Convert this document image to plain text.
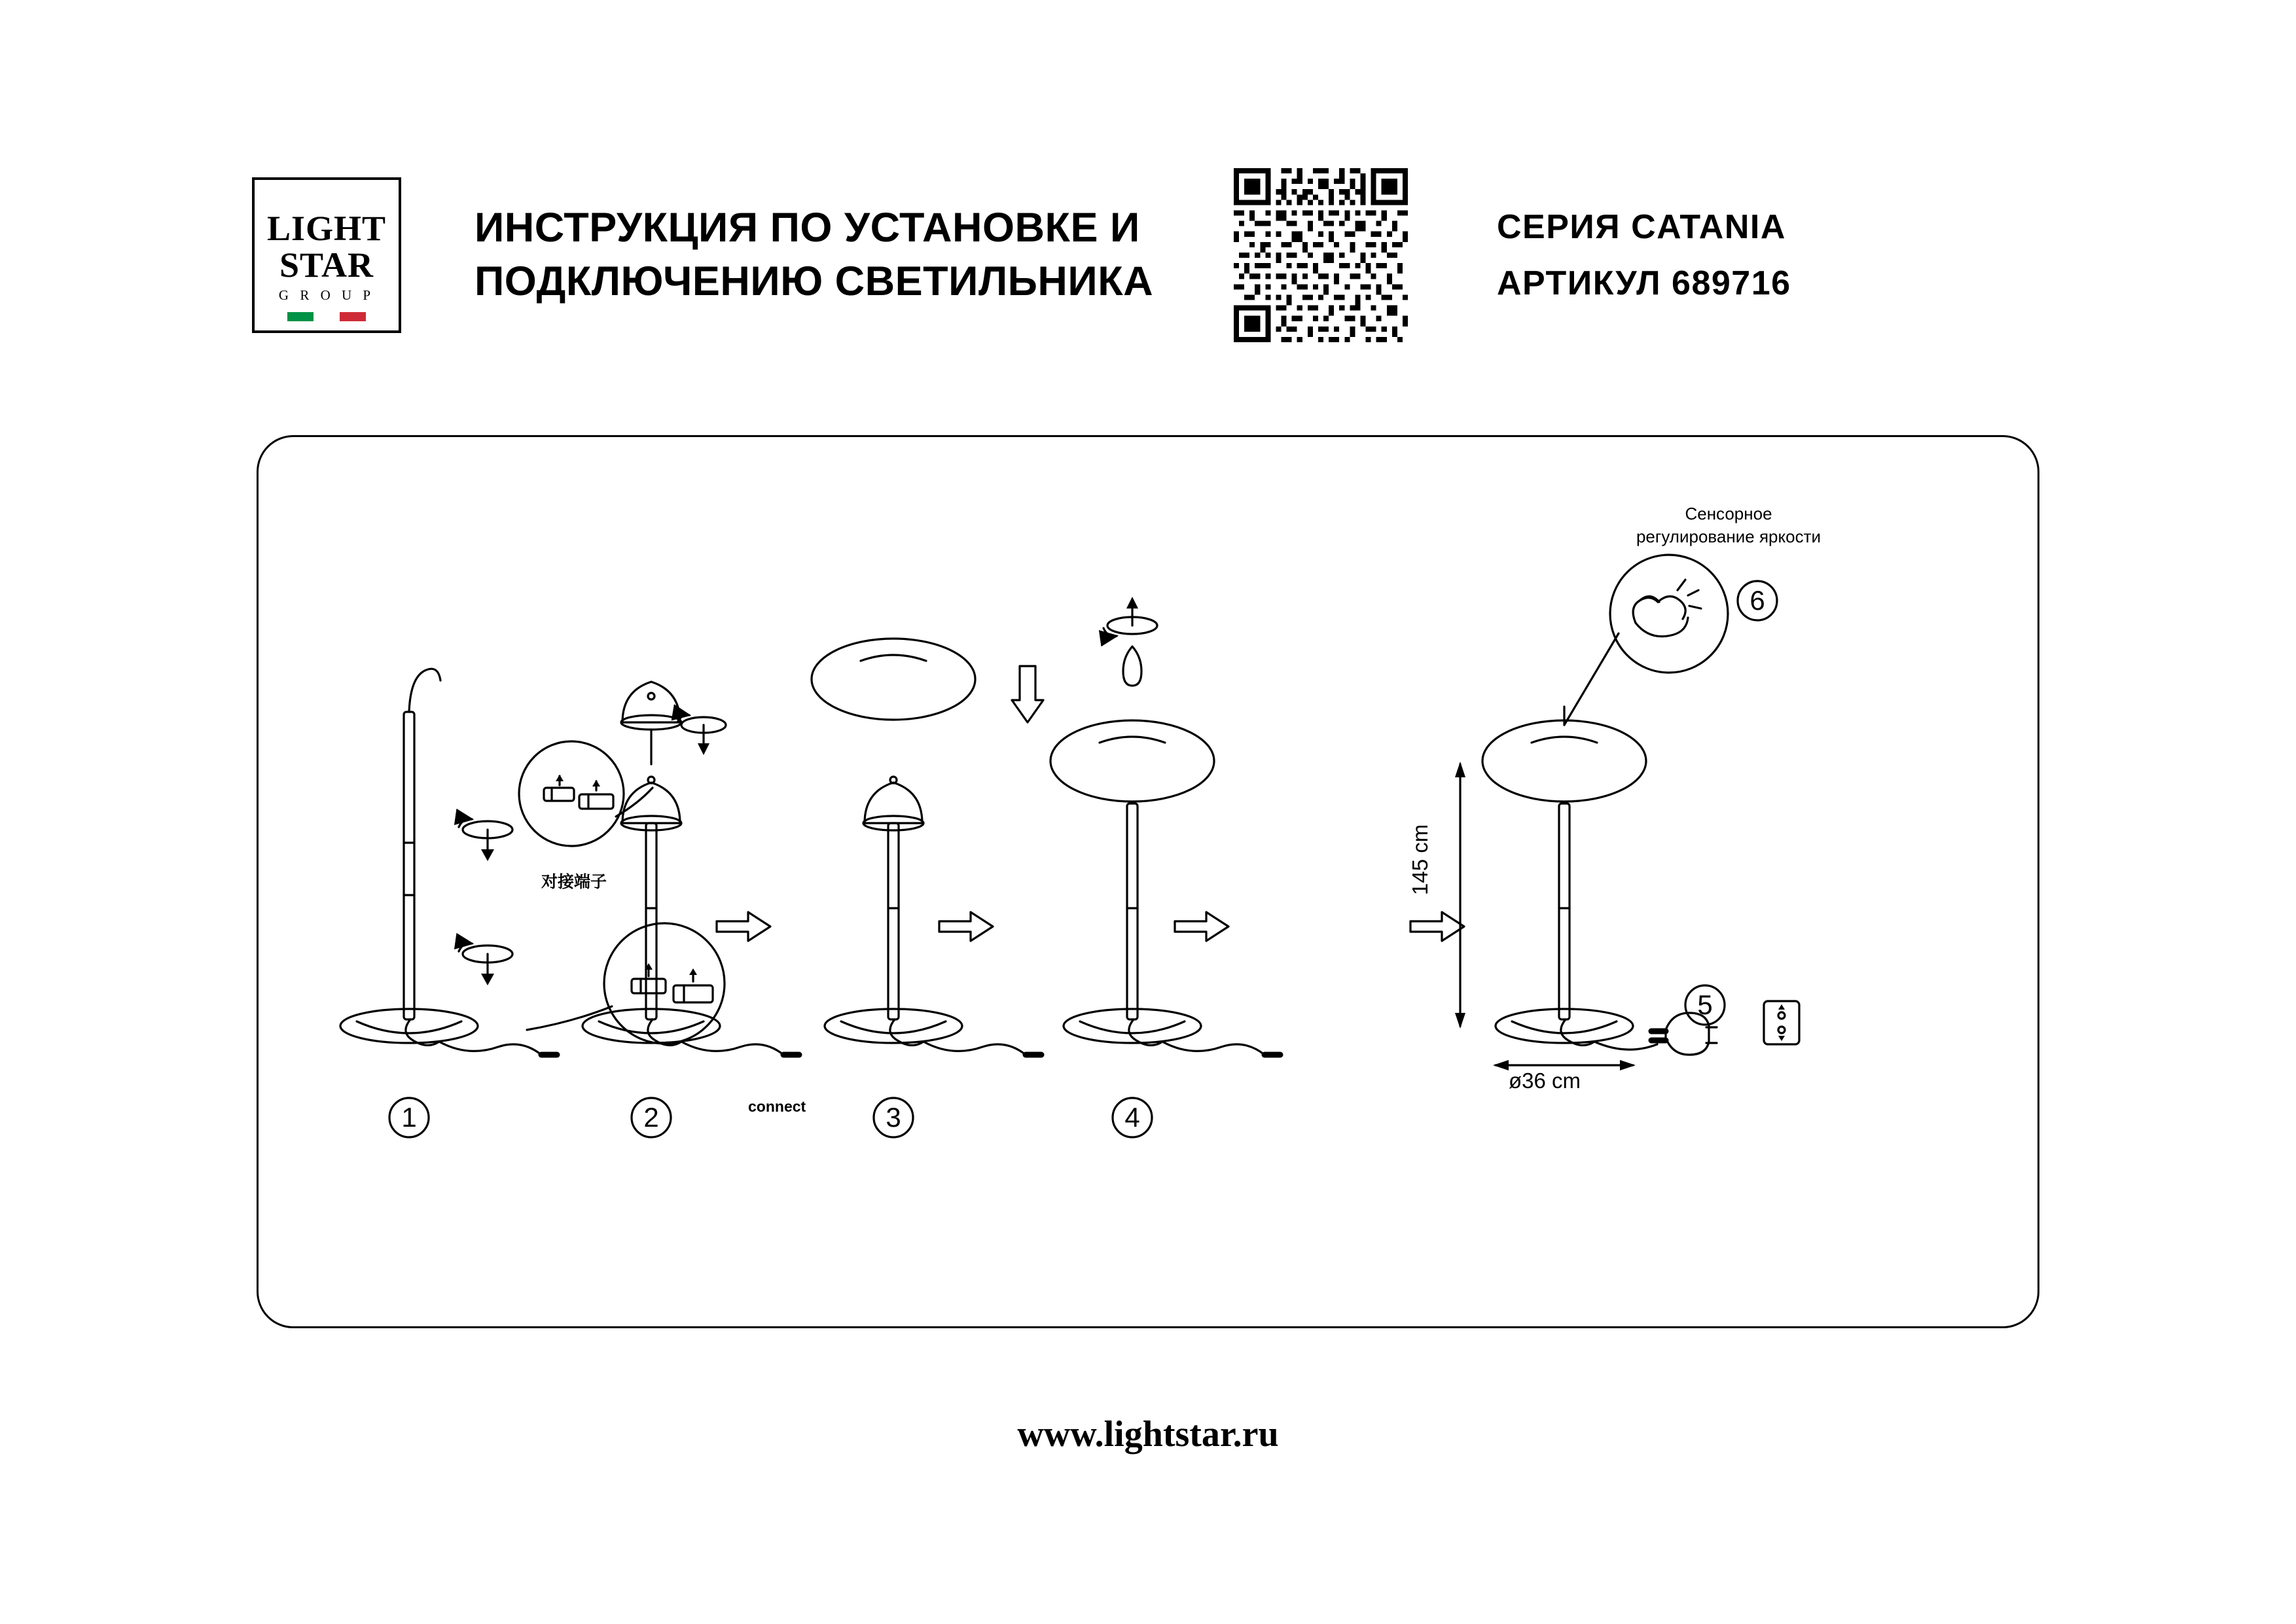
LIGHT
STAR
G R O U P
ИНСТРУКЦИЯ ПО УСТАНОВКЕ И ПОДКЛЮЧЕНИЮ СВЕТИЛЬНИКА
СЕРИЯ CATANIA
АРТИКУЛ 689716
1	2	3	4
5
6
connect
对接端子
Сенсорное
регулирование яркости
145 cm
ø36 cm
www.lightstar.ru
